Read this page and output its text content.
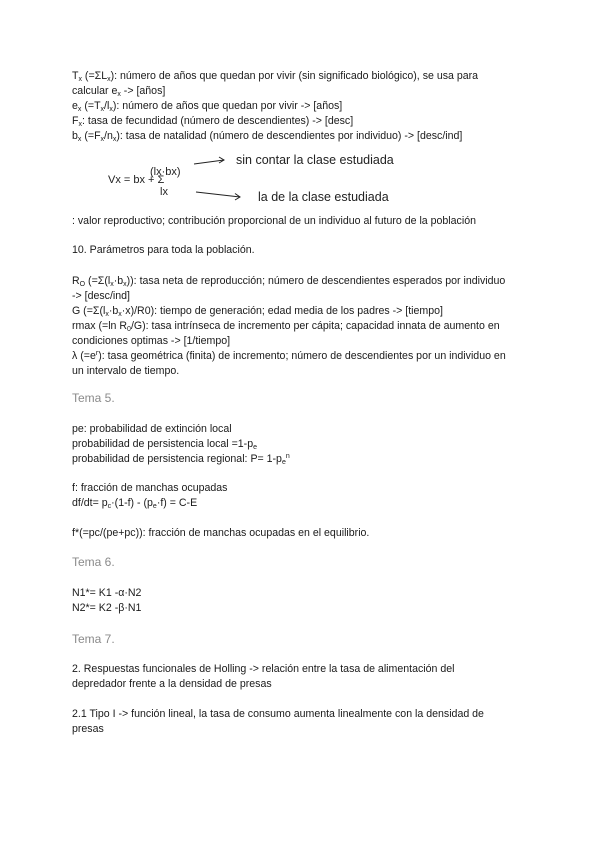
$T_x$ $(=\Sigma L_x)$: número de años que quedan por vivir (sin significado biológico), se usa para
calcular $e_x$ -> [años]
$e_x$ $(=T_x/l_x)$: número de años que quedan por vivir -> [años]
$F_x$: tasa de fecundidad (número de descendientes) -> [desc]
$b_x$ $(=F_x/n_x)$: tasa de natalidad (número de descendientes por individuo) -> [desc/ind]
Vx = bx + Σ
(lx·bx)
lx
sin contar la clase estudiada
la de la clase estudiada
: valor reproductivo; contribución proporcional de un individuo al futuro de la población
10. Parámetros para toda la población.
$R_O$ $(=\Sigma(l_x\cdot b_x))$: tasa neta de reproducción; número de descendientes esperados por individuo
-> [desc/ind]
G $(=\Sigma(l_x\cdot b_x\cdot x)/R0)$: tiempo de generación; edad media de los padres -> [tiempo]
rmax (=ln $R_0/G$): tasa intrínseca de incremento per cápita; capacidad innata de aumento en
condiciones optimas -> [1/tiempo]
λ $(=e^r)$: tasa geométrica (finita) de incremento; número de descendientes por un individuo en
un intervalo de tiempo.
Tema 5.
pe: probabilidad de extinción local
probabilidad de persistencia local $=1-p_e$
probabilidad de persistencia regional: $P= 1-p_e^n$
f: fracción de manchas ocupadas
$df/dt= p_c\cdot(1-f) - (p_e\cdot f) = C-E$
f*(=pc/(pe+pc)): fracción de manchas ocupadas en el equilibrio.
Tema 6.
N1*= K1 -α·N2
N2*= K2 -β·N1
Tema 7.
2. Respuestas funcionales de Holling -> relación entre la tasa de alimentación del
depredador frente a la densidad de presas
2.1 Tipo I -> función lineal, la tasa de consumo aumenta linealmente con la densidad de
presas
